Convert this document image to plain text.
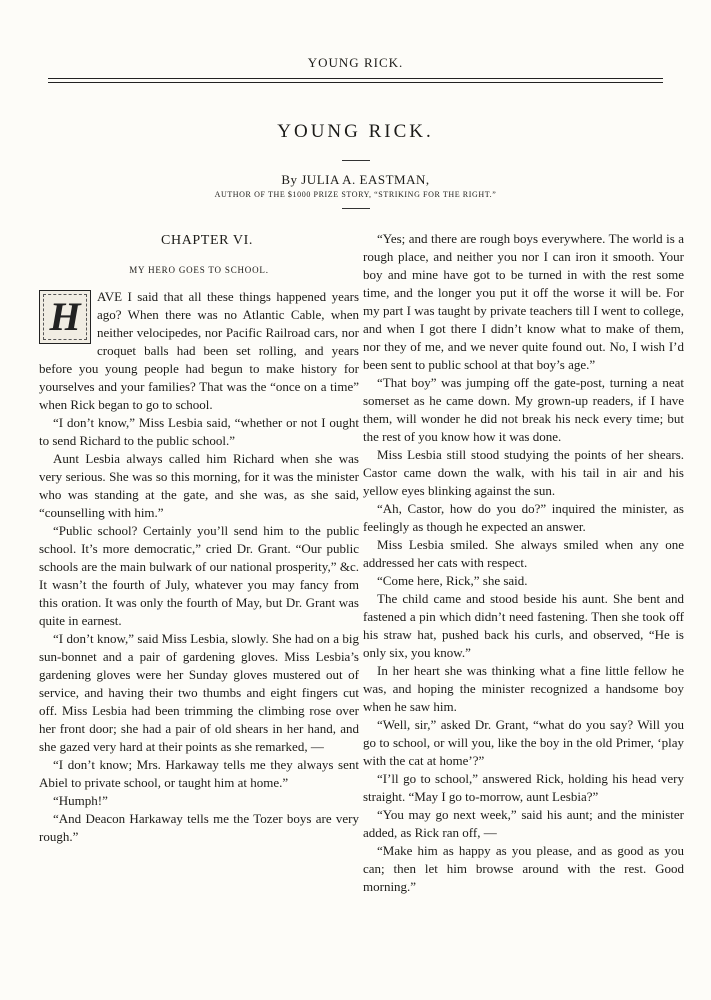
YOUNG RICK.
YOUNG RICK.
By JULIA A. EASTMAN,
AUTHOR OF THE $1000 PRIZE STORY, “STRIKING FOR THE RIGHT.”
CHAPTER VI.
MY HERO GOES TO SCHOOL.
H	AVE I said that all these things happened years ago? When there was no Atlantic Cable, when neither velocipedes, nor Pacific Railroad cars, nor croquet balls had been set rolling, and years before you young people had begun to make history for yourselves and your families? That was the “once on a time” when Rick began to go to school.

“I don’t know,” Miss Lesbia said, “whether or not I ought to send Richard to the public school.”

Aunt Lesbia always called him Richard when she was very serious. She was so this morning, for it was the minister who was standing at the gate, and she was, as she said, “counselling with him.”

“Public school? Certainly you’ll send him to the public school. It’s more democratic,” cried Dr. Grant. “Our public schools are the main bulwark of our national prosperity,” &c. It wasn’t the fourth of July, whatever you may fancy from this oration. It was only the fourth of May, but Dr. Grant was quite in earnest.

“I don’t know,” said Miss Lesbia, slowly. She had on a big sun-bonnet and a pair of gardening gloves. Miss Lesbia’s gardening gloves were her Sunday gloves mustered out of service, and having their two thumbs and eight fingers cut off. Miss Lesbia had been trimming the climbing rose over her front door; she had a pair of old shears in her hand, and she gazed very hard at their points as she remarked, —

“I don’t know; Mrs. Harkaway tells me they always sent Abiel to private school, or taught him at home.”

“Humph!”

“And Deacon Harkaway tells me the Tozer boys are very rough.”

“Yes; and there are rough boys everywhere. The world is a rough place, and neither you nor I can iron it smooth. Your boy and mine have got to be turned in with the rest some time, and the longer you put it off the worse it will be. For my part I was taught by private teachers till I went to college, and when I got there I didn’t know what to make of them, nor they of me, and we never quite found out. No, I wish I’d been sent to public school at that boy’s age.”

“That boy” was jumping off the gate-post, turning a neat somerset as he came down. My grown-up readers, if I have them, will wonder he did not break his neck every time; but the rest of you know how it was done.

Miss Lesbia still stood studying the points of her shears. Castor came down the walk, with his tail in air and his yellow eyes blinking against the sun.

“Ah, Castor, how do you do?” inquired the minister, as feelingly as though he expected an answer.

Miss Lesbia smiled. She always smiled when any one addressed her cats with respect.

“Come here, Rick,” she said.

The child came and stood beside his aunt. She bent and fastened a pin which didn’t need fastening. Then she took off his straw hat, pushed back his curls, and observed, “He is only six, you know.”

In her heart she was thinking what a fine little fellow he was, and hoping the minister recognized a handsome boy when he saw him.

“Well, sir,” asked Dr. Grant, “what do you say? Will you go to school, or will you, like the boy in the old Primer, ‘play with the cat at home’?”

“I’ll go to school,” answered Rick, holding his head very straight. “May I go to-morrow, aunt Lesbia?”

“You may go next week,” said his aunt; and the minister added, as Rick ran off, —

“Make him as happy as you please, and as good as you can; then let him browse around with the rest. Good morning.”
